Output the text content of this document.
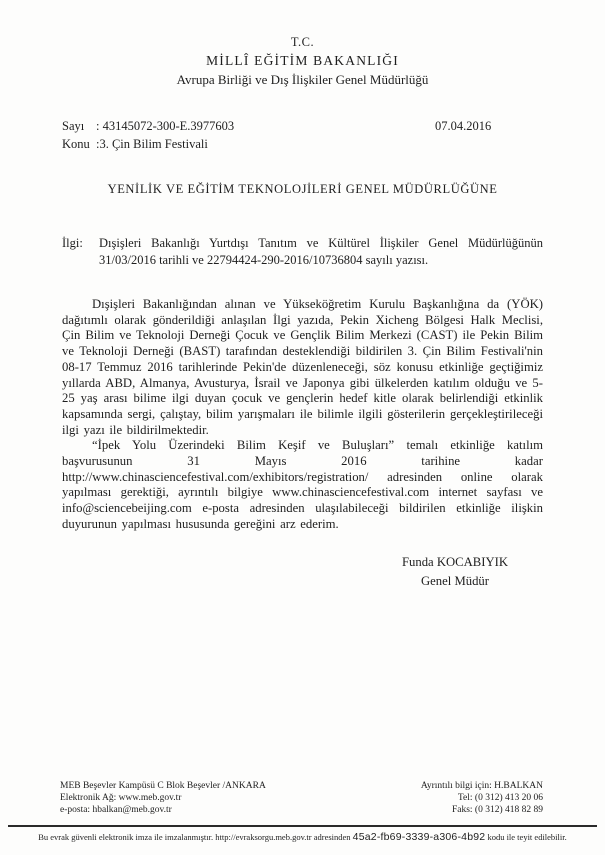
T.C.
MİLLÎ EĞİTİM BAKANLIĞI
Avrupa Birliği ve Dış İlişkiler Genel Müdürlüğü
Sayı : 43145072-300-E.3977603	07.04.2016
Konu :3. Çin Bilim Festivali
YENİLİK VE EĞİTİM TEKNOLOJİLERİ GENEL MÜDÜRLÜĞÜNE
İlgi:	Dışişleri Bakanlığı Yurtdışı Tanıtım ve Kültürel İlişkiler Genel Müdürlüğünün 31/03/2016 tarihli ve 22794424-290-2016/10736804 sayılı yazısı.

Dışişleri Bakanlığından alınan ve Yükseköğretim Kurulu Başkanlığına da (YÖK) dağıtımlı olarak gönderildiği anlaşılan İlgi yazıda, Pekin Xicheng Bölgesi Halk Meclisi, Çin Bilim ve Teknoloji Derneği Çocuk ve Gençlik Bilim Merkezi (CAST) ile Pekin Bilim ve Teknoloji Derneği (BAST) tarafından desteklendiği bildirilen 3. Çin Bilim Festivali'nin 08-17 Temmuz 2016 tarihlerinde Pekin'de düzenleneceği, söz konusu etkinliğe geçtiğimiz yıllarda ABD, Almanya, Avusturya, İsrail ve Japonya gibi ülkelerden katılım olduğu ve 5-25 yaş arası bilime ilgi duyan çocuk ve gençlerin hedef kitle olarak belirlendiği etkinlik kapsamında sergi, çalıştay, bilim yarışmaları ile bilimle ilgili gösterilerin gerçekleştirileceği ilgi yazı ile bildirilmektedir.

“İpek Yolu Üzerindeki Bilim Keşif ve Buluşları” temalı etkinliğe katılım başvurusunun 31 Mayıs 2016 tarihine kadar http://www.chinasciencefestival.com/exhibitors/registration/ adresinden online olarak yapılması gerektiği, ayrıntılı bilgiye www.chinasciencefestival.com internet sayfası ve info@sciencebeijing.com e-posta adresinden ulaşılabileceği bildirilen etkinliğe ilişkin duyurunun yapılması hususunda gereğini arz ederim.

Funda KOCABIYIK
Genel Müdür
MEB Beşevler Kampüsü C Blok Beşevler /ANKARA
Elektronik Ağ: www.meb.gov.tr
e-posta: hbalkan@meb.gov.tr
Ayrıntılı bilgi için: H.BALKAN
Tel: (0 312) 413 20 06
Faks: (0 312) 418 82 89
Bu evrak güvenli elektronik imza ile imzalanmıştır. http://evraksorgu.meb.gov.tr adresinden 45a2-fb69-3339-a306-4b92 kodu ile teyit edilebilir.
